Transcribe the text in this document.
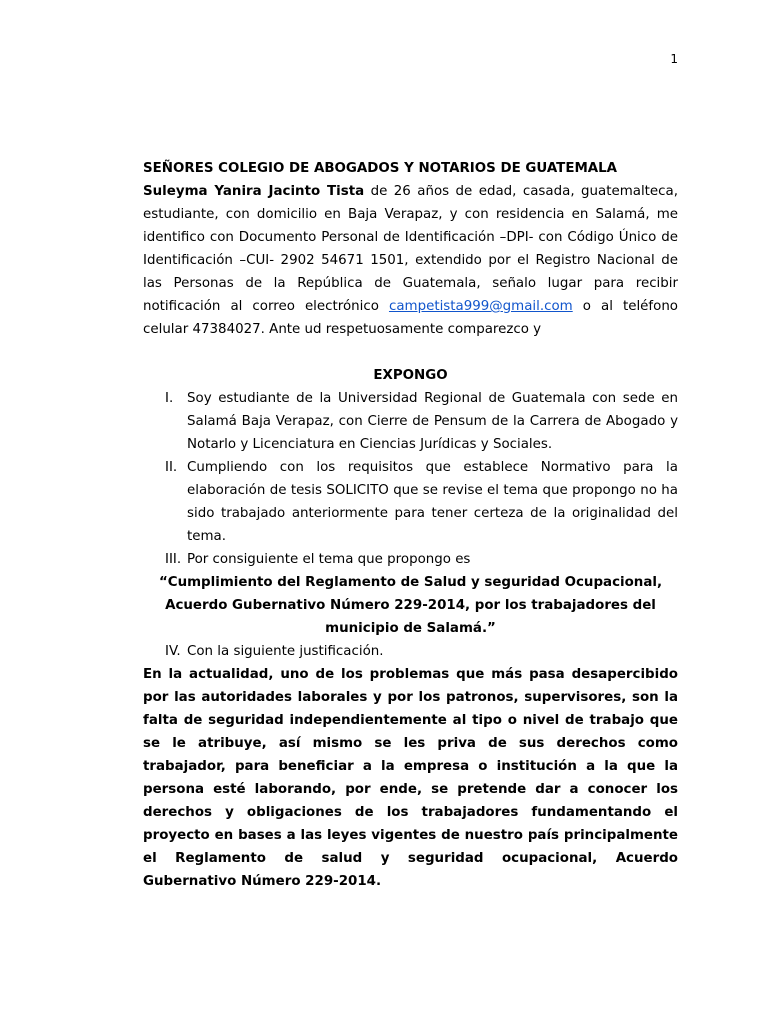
1

SEÑORES COLEGIO DE ABOGADOS Y NOTARIOS DE GUATEMALA

Suleyma Yanira Jacinto Tista de 26 años de edad, casada, guatemalteca, estudiante, con domicilio en Baja Verapaz, y con residencia en Salamá, me identifico con Documento Personal de Identificación –DPI- con Código Único de Identificación –CUI- 2902 54671 1501, extendido por el Registro Nacional de las Personas de la República de Guatemala, señalo lugar para recibir notificación al correo electrónico campetista999@gmail.com o al teléfono celular 47384027. Ante ud respetuosamente comparezco y

EXPONGO

I.	Soy estudiante de la Universidad Regional de Guatemala con sede en Salamá Baja Verapaz, con Cierre de Pensum de la Carrera de Abogado y Notarlo y Licenciatura en Ciencias Jurídicas y Sociales.
II. Cumpliendo con los requisitos que establece Normativo para la elaboración de tesis SOLICITO que se revise el tema que propongo no ha sido trabajado anteriormente para tener certeza de la originalidad del tema.
III. Por consiguiente el tema que propongo es
“Cumplimiento del Reglamento de Salud y seguridad Ocupacional, Acuerdo Gubernativo Número 229-2014, por los trabajadores del municipio de Salamá.”
IV. Con la siguiente justificación.

En la actualidad, uno de los problemas que más pasa desapercibido por las autoridades laborales y por los patronos, supervisores, son la falta de seguridad independientemente al tipo o nivel de trabajo que se le atribuye, así mismo se les priva de sus derechos como trabajador, para beneficiar a la empresa o institución a la que la persona esté laborando, por ende, se pretende dar a conocer los derechos y obligaciones de los trabajadores fundamentando el proyecto en bases a las leyes vigentes de nuestro país principalmente el Reglamento de salud y seguridad ocupacional, Acuerdo Gubernativo Número 229-2014.
